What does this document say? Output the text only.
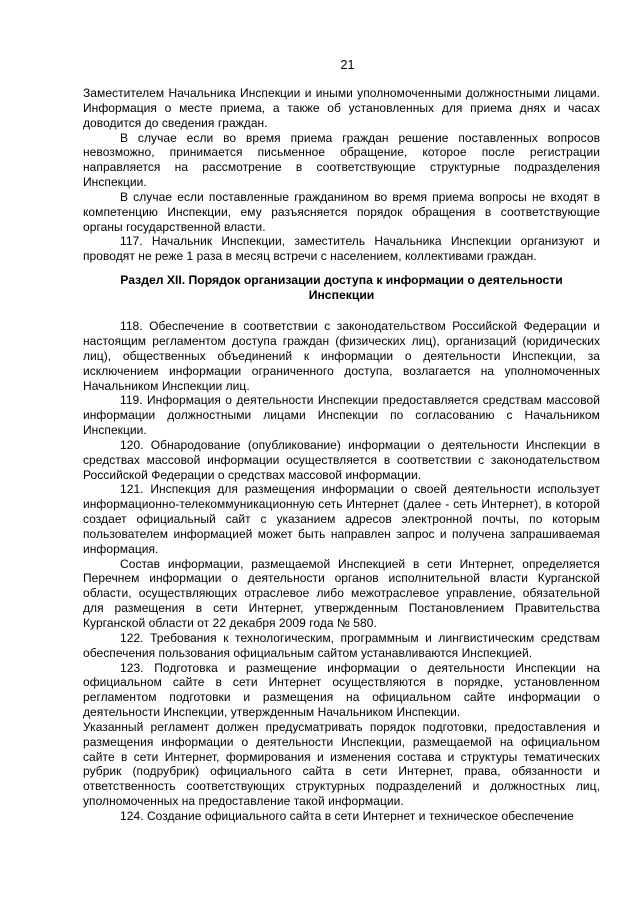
21

Заместителем Начальника Инспекции и иными уполномоченными должностными лицами. Информация о месте приема, а также об установленных для приема днях и часах доводится до сведения граждан.

В случае если во время приема граждан решение поставленных вопросов невозможно, принимается письменное обращение, которое после регистрации направляется на рассмотрение в соответствующие структурные подразделения Инспекции.

В случае если поставленные гражданином во время приема вопросы не входят в компетенцию Инспекции, ему разъясняется порядок обращения в соответствующие органы государственной власти.

117. Начальник Инспекции, заместитель Начальника Инспекции организуют и проводят не реже 1 раза в месяц встречи с населением, коллективами граждан.

Раздел XII. Порядок организации доступа к информации о деятельности
Инспекции

118. Обеспечение в соответствии с законодательством Российской Федерации и настоящим регламентом доступа граждан (физических лиц), организаций (юридических лиц), общественных объединений к информации о деятельности Инспекции, за исключением информации ограниченного доступа, возлагается на уполномоченных Начальником Инспекции лиц.

119. Информация о деятельности Инспекции предоставляется средствам массовой информации должностными лицами Инспекции по согласованию с Начальником Инспекции.

120. Обнародование (опубликование) информации о деятельности Инспекции в средствах массовой информации осуществляется в соответствии с законодательством Российской Федерации о средствах массовой информации.

121. Инспекция для размещения информации о своей деятельности использует информационно-телекоммуникационную сеть Интернет (далее - сеть Интернет), в которой создает официальный сайт с указанием адресов электронной почты, по которым пользователем информацией может быть направлен запрос и получена запрашиваемая информация.

Состав информации, размещаемой Инспекцией в сети Интернет, определяется Перечнем информации о деятельности органов исполнительной власти Курганской области, осуществляющих отраслевое либо межотраслевое управление, обязательной для размещения в сети Интернет, утвержденным Постановлением Правительства Курганской области от 22 декабря 2009 года № 580.

122. Требования к технологическим, программным и лингвистическим средствам обеспечения пользования официальным сайтом устанавливаются Инспекцией.

123. Подготовка и размещение информации о деятельности Инспекции на официальном сайте в сети Интернет осуществляются в порядке, установленном регламентом подготовки и размещения на официальном сайте информации о деятельности Инспекции, утвержденным Начальником Инспекции.

Указанный регламент должен предусматривать порядок подготовки, предоставления и размещения информации о деятельности Инспекции, размещаемой на официальном сайте в сети Интернет, формирования и изменения состава и структуры тематических рубрик (подрубрик) официального сайта в сети Интернет, права, обязанности и ответственность соответствующих структурных подразделений и должностных лиц, уполномоченных на предоставление такой информации.

124. Создание официального сайта в сети Интернет и техническое обеспечение
